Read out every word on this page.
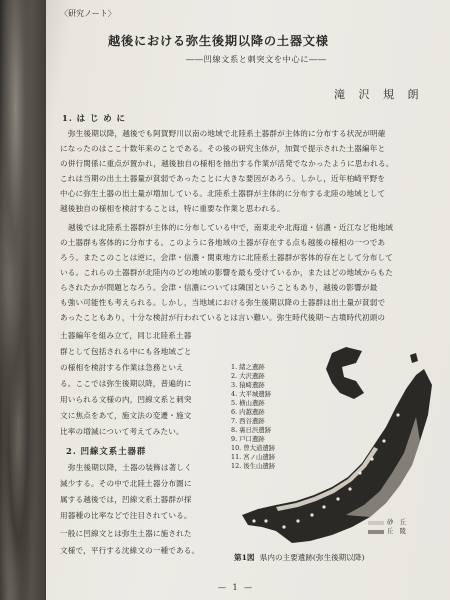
〈研究ノート〉
越後における弥生後期以降の土器文様
――凹線文系と刺突文を中心に――
滝 沢 規 朗
1. は じ め に
弥生後期以降，越後でも阿賀野川以南の地域で北陸系土器群が主体的に分布する状況が明確
になったのはここ十数年来のことである。その後の研究主体が，加賀で提示された土器編年と
の併行関係に重点が置かれ，越後独自の様相を抽出する作業が活発でなかったように思われる。
これは当期の出土土器量が貧弱であったことに大きな要因があろう。しかし，近年柏崎平野を
中心に弥生土器の出土量が増加している。北陸系土器群が主体的に分布する北陸の地域として
越後独自の様相を検討することは，特に重要な作業と思われる。
越後では北陸系土器群が主体的に分布している中で，南東北や北海道・信濃・近江など他地域
の土器群も客体的に分布する。このように各地域の土器が存在する点も越後の様相の一つであ
ろう。またこのことは逆に，会津・信濃・関東地方に北陸系土器群が客体的存在として分布して
いる。これらの土器群が北陸内のどの地域の影響を最も受けているか，またはどの地域からもた
らされたかが問題となろう。会津・信濃については隣国ということもあり，越後の影響が最
も強い可能性も考えられる。しかし，当地域における弥生後期以降の土器群は出土量が貧弱で
あったこともあり，十分な検討が行われているとは言い難い。弥生時代後期～古墳時代初頭の
土器編年を組み立て，同じ北陸系土器
群として包括される中にも各地域ごと
の様相を検討する作業は急務といえ
る。ここでは弥生後期以降，普遍的に
用いられる文様の内，凹線文系と刺突
文に焦点をあて，施文法の変遷・施文
比率の増減について考えてみたい。
2. 凹線文系土器群
弥生後期以降，土器の装飾は著しく
減少する。その中で北陸土器分布圏に
属する越後では，凹線文系土器群が採
用器種の比率などで注目されている。
一般に凹線文とは弥生土器に施された
文様で，平行する沈線文の一種である。
1. 緒之遺跡
2. 大沢遺跡
3. 猿崎遺跡
4. 大平城遺跡
5. 横山遺跡
6. 内越遺跡
7. 西谷遺跡
8. 裏日渋遺跡
9. 戸口遺跡
10. 曽大道遺跡
11. 宮ノ山遺跡
12. 後生山遺跡
砂　丘
丘　陵
第1図 県内の主要遺跡(弥生後期以降)
— 1 —
